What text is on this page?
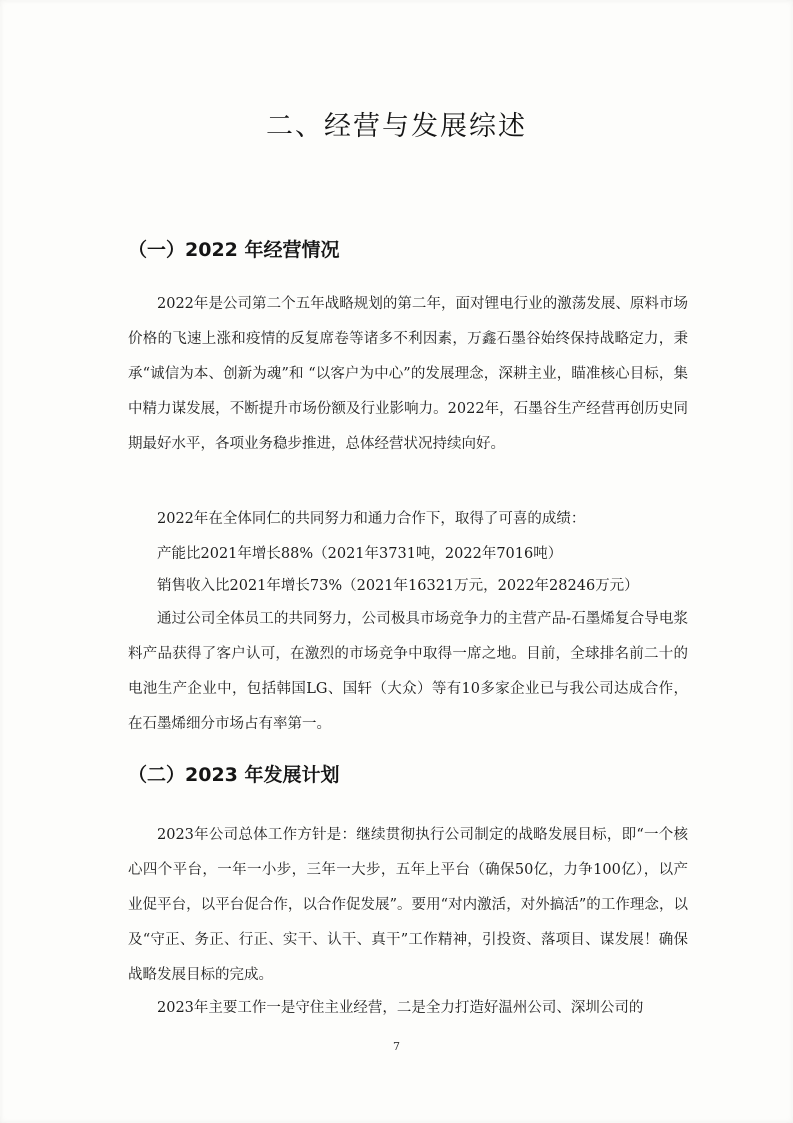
二、经营与发展综述
（一）2022 年经营情况

2022年是公司第二个五年战略规划的第二年，面对锂电行业的激荡发展、原料市场价格的飞速上涨和疫情的反复席卷等诸多不利因素，万鑫石墨谷始终保持战略定力，秉承“诚信为本、创新为魂”和 “以客户为中心”的发展理念，深耕主业，瞄准核心目标，集中精力谋发展，不断提升市场份额及行业影响力。2022年，石墨谷生产经营再创历史同期最好水平，各项业务稳步推进，总体经营状况持续向好。

2022年在全体同仁的共同努力和通力合作下，取得了可喜的成绩：

产能比2021年增长88%（2021年3731吨，2022年7016吨）

销售收入比2021年增长73%（2021年16321万元，2022年28246万元）

通过公司全体员工的共同努力，公司极具市场竞争力的主营产品-石墨烯复合导电浆料产品获得了客户认可，在激烈的市场竞争中取得一席之地。目前，全球排名前二十的电池生产企业中，包括韩国LG、国轩（大众）等有10多家企业已与我公司达成合作，在石墨烯细分市场占有率第一。

（二）2023 年发展计划

2023年公司总体工作方针是：继续贯彻执行公司制定的战略发展目标，即“一个核心四个平台，一年一小步，三年一大步，五年上平台（确保50亿，力争100亿），以产业促平台，以平台促合作，以合作促发展”。要用“对内激活，对外搞活”的工作理念，以及“守正、务正、行正、实干、认干、真干”工作精神，引投资、落项目、谋发展！确保战略发展目标的完成。

2023年主要工作一是守住主业经营，二是全力打造好温州公司、深圳公司的

7
